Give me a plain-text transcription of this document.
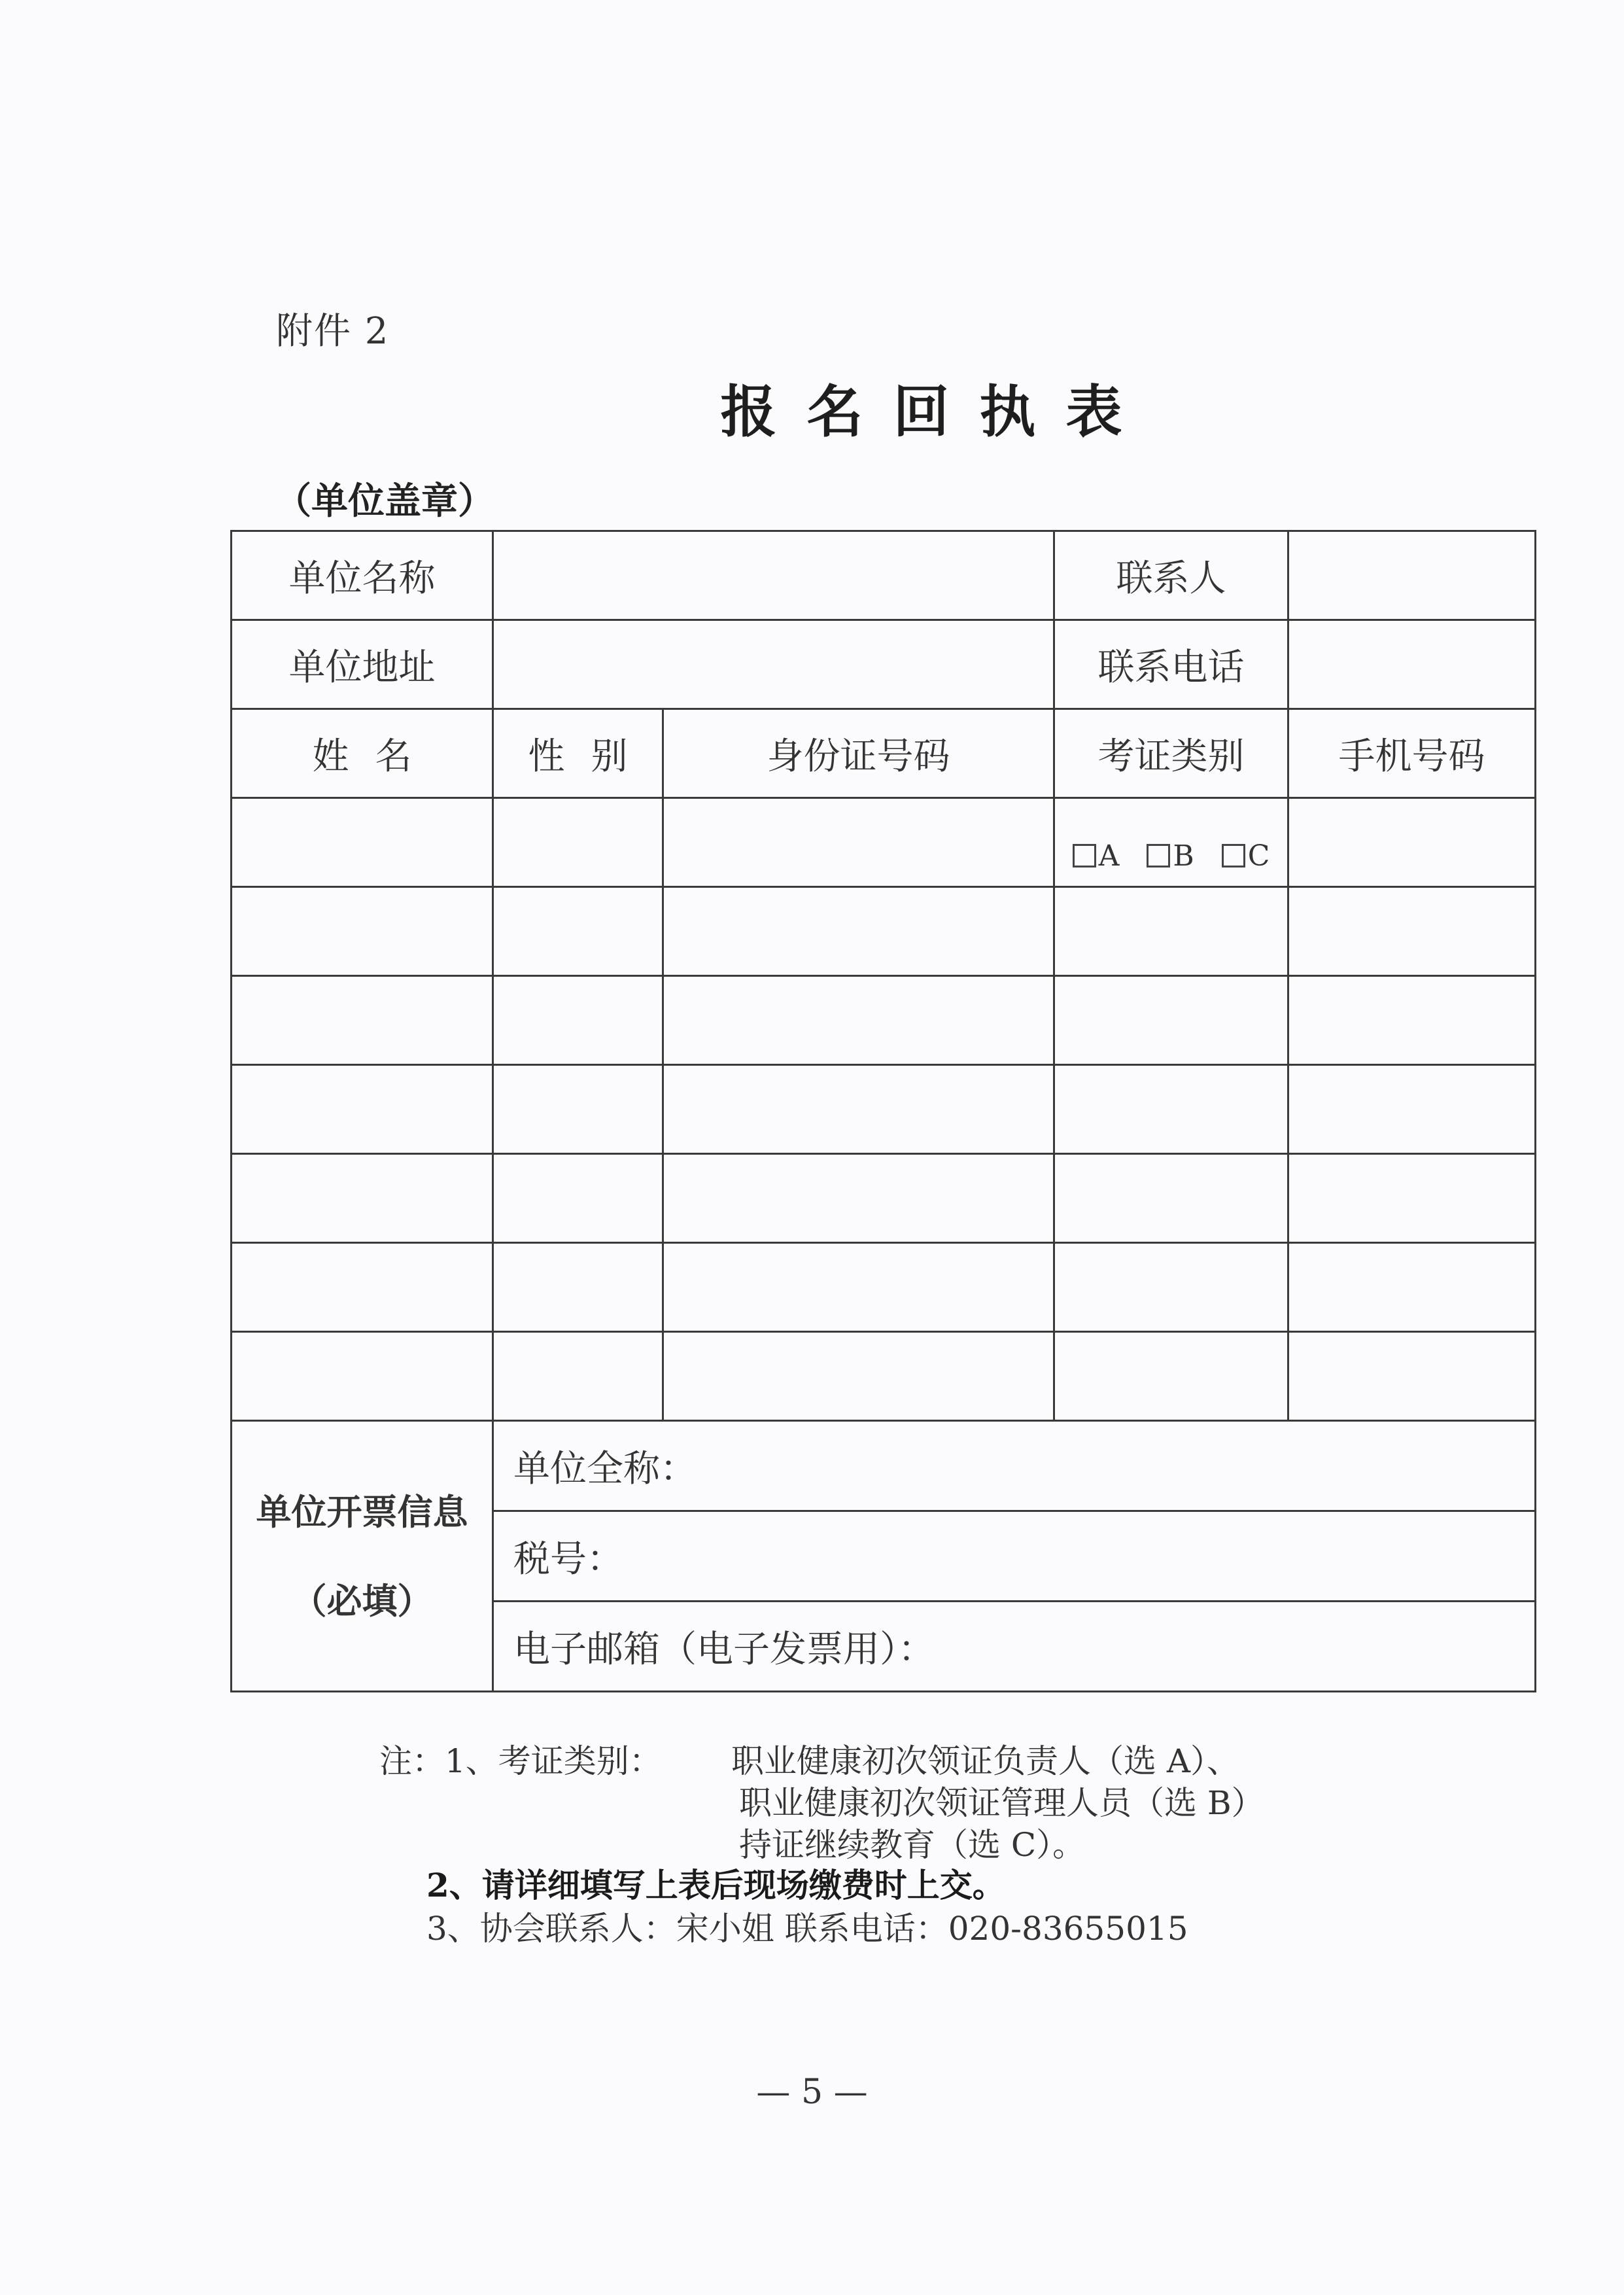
附件 2
报名回执表
（单位盖章）
单位名称			联系人	
单位地址			联系电话	
姓名	性别	身份证号码	考证类别	手机号码
			A B C	

单位开票信息
（必填）	单位全称：			
	税号：			
	电子邮箱（电子发票用）：			
注：1、考证类别： 职业健康初次领证负责人（选 A）、
职业健康初次领证管理人员（选 B）
持证继续教育（选 C）。
2、请详细填写上表后现场缴费时上交。
3、协会联系人：宋小姐 联系电话：020-83655015
— 5 —
